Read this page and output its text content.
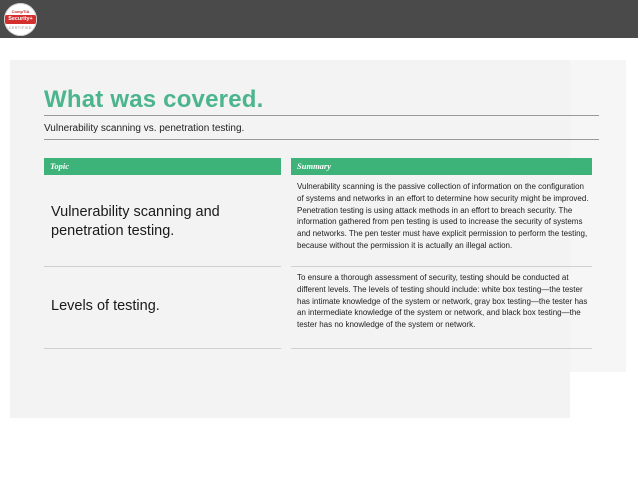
CompTIA
Security+
CERTIFIED
What was covered.
Vulnerability scanning vs. penetration testing.
Topic	Summary
Vulnerability scanning and penetration testing.
Vulnerability scanning is the passive collection of information on the configuration of systems and networks in an effort to determine how security might be improved. Penetration testing is using attack methods in an effort to breach security. The information gathered from pen testing is used to increase the security of systems and networks. The pen tester must have explicit permission to perform the testing, because without the permission it is actually an illegal action.
Levels of testing.
To ensure a thorough assessment of security, testing should be conducted at different levels. The levels of testing should include: white box testing—the tester has intimate knowledge of the system or network, gray box testing—the tester has an intermediate knowledge of the system or network, and black box testing—the tester has no knowledge of the system or network.
